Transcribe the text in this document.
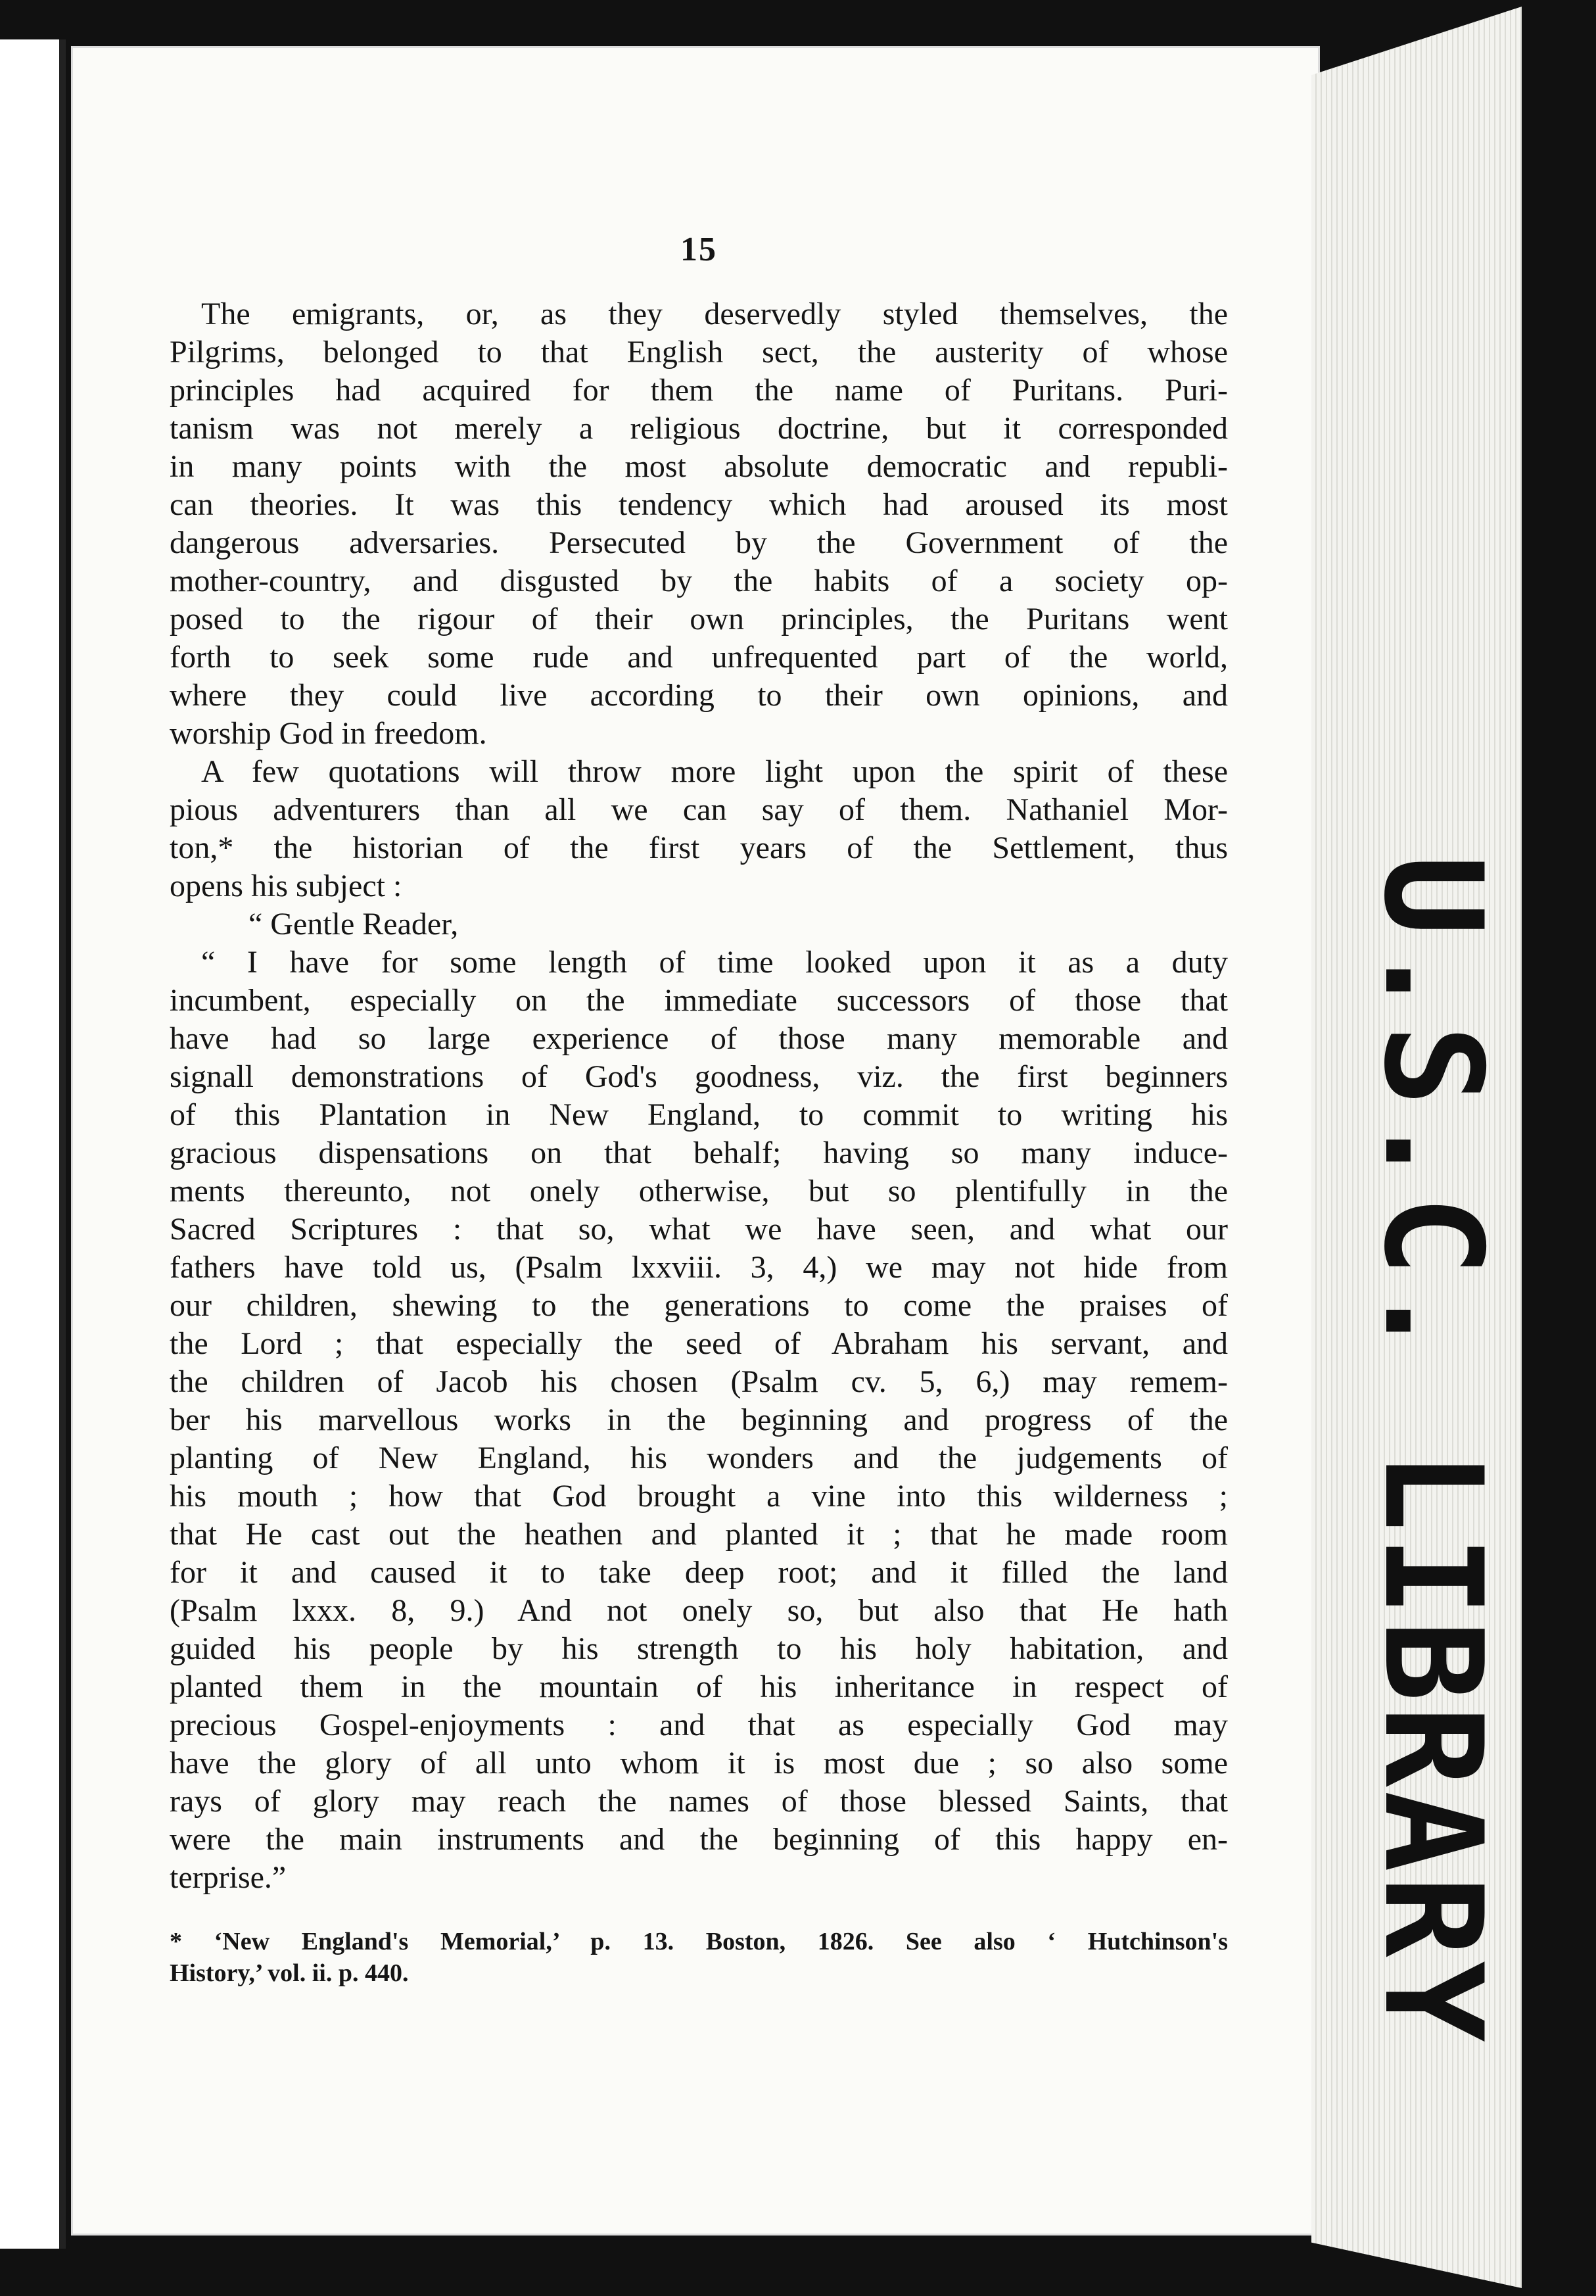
15

The emigrants, or, as they deservedly styled themselves, the
Pilgrims, belonged to that English sect, the austerity of whose
principles had acquired for them the name of Puritans. Puri-
tanism was not merely a religious doctrine, but it corresponded
in many points with the most absolute democratic and republi-
can theories. It was this tendency which had aroused its most
dangerous adversaries. Persecuted by the Government of the
mother-country, and disgusted by the habits of a society op-
posed to the rigour of their own principles, the Puritans went
forth to seek some rude and unfrequented part of the world,
where they could live according to their own opinions, and
worship God in freedom.

A few quotations will throw more light upon the spirit of these
pious adventurers than all we can say of them. Nathaniel Mor-
ton,* the historian of the first years of the Settlement, thus
opens his subject :

“ Gentle Reader,

“ I have for some length of time looked upon it as a duty
incumbent, especially on the immediate successors of those that
have had so large experience of those many memorable and
signall demonstrations of God's goodness, viz. the first beginners
of this Plantation in New England, to commit to writing his
gracious dispensations on that behalf; having so many induce-
ments thereunto, not onely otherwise, but so plentifully in the
Sacred Scriptures : that so, what we have seen, and what our
fathers have told us, (Psalm lxxviii. 3, 4,) we may not hide from
our children, shewing to the generations to come the praises of
the Lord ; that especially the seed of Abraham his servant, and
the children of Jacob his chosen (Psalm cv. 5, 6,) may remem-
ber his marvellous works in the beginning and progress of the
planting of New England, his wonders and the judgements of
his mouth ; how that God brought a vine into this wilderness ;
that He cast out the heathen and planted it ; that he made room
for it and caused it to take deep root; and it filled the land
(Psalm lxxx. 8, 9.) And not onely so, but also that He hath
guided his people by his strength to his holy habitation, and
planted them in the mountain of his inheritance in respect of
precious Gospel-enjoyments : and that as especially God may
have the glory of all unto whom it is most due ; so also some
rays of glory may reach the names of those blessed Saints, that
were the main instruments and the beginning of this happy en-
terprise.”

* ‘New England's Memorial,’ p. 13. Boston, 1826. See also ‘ Hutchinson's
History,’ vol. ii. p. 440.	U.S.C. LIBRARY
